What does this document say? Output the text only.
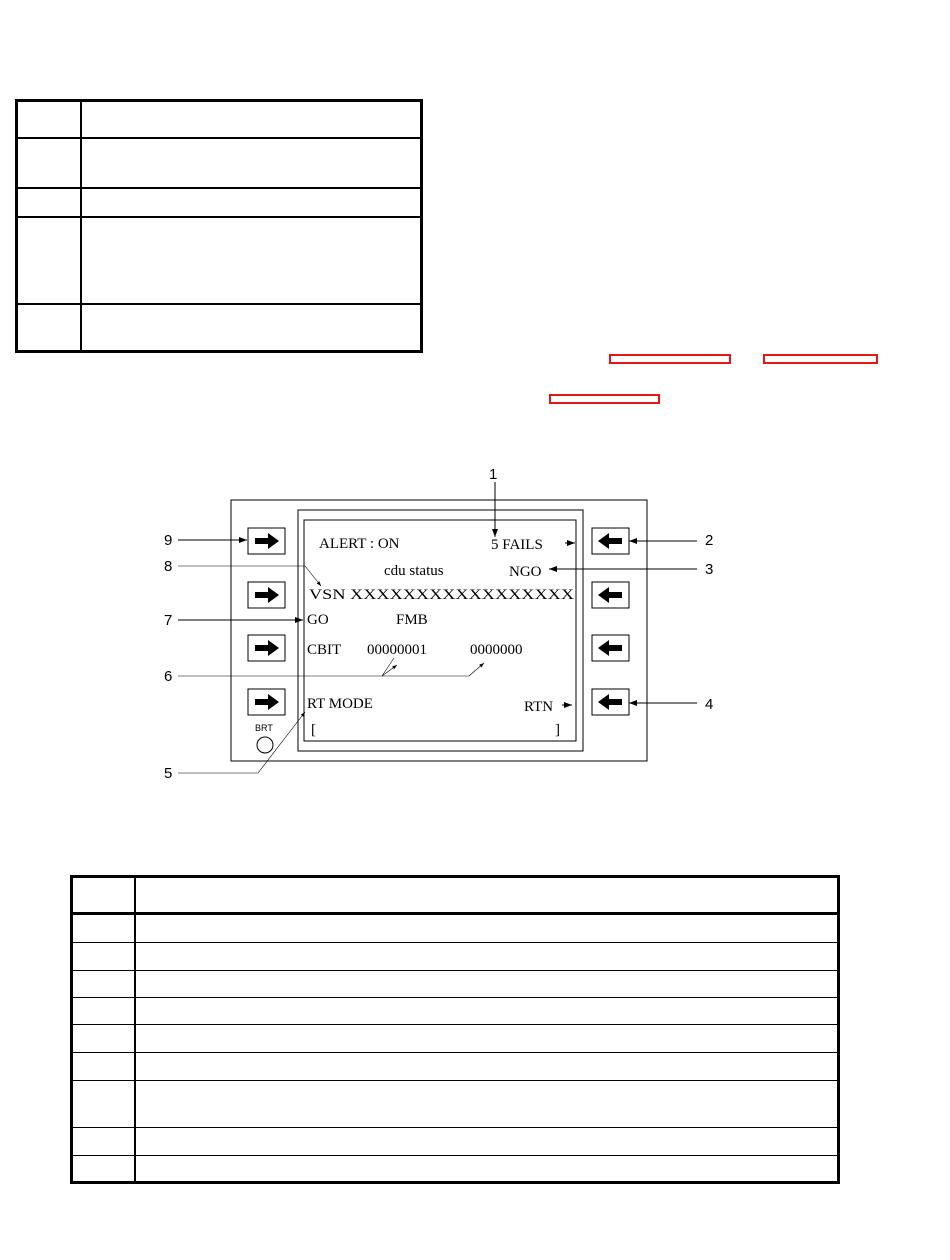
BRT
ALERT : ON	5 FAILS
cdu status	NGO
VSN XXXXXXXXXXXXXXXXX
GO	FMB
CBIT 00000001	0000000
RT MODE	RTN
[	]
1
2
3
4
5
6
7
8
9
